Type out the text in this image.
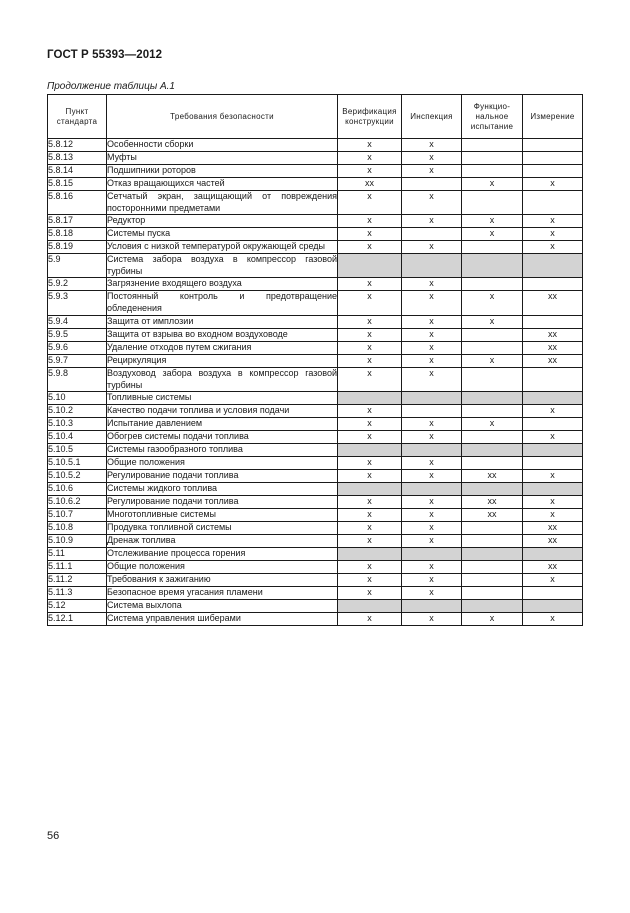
ГОСТ Р 55393—2012
Продолжение таблицы А.1
Пункт стандарта	Требования безопасности	Верификация конструкции	Инспекция	Функцио-нальное испытание	Измерение
5.8.12	Особенности сборки	x	x		
5.8.13	Муфты	x	x		
5.8.14	Подшипники роторов	x	x		
5.8.15	Отказ вращающихся частей	xx		x	x
5.8.16	Сетчатый экран, защищающий от повреждения посторонними предметами	x	x		
5.8.17	Редуктор	x	x	x	x
5.8.18	Системы пуска	x		x	x
5.8.19	Условия с низкой температурой окружающей среды	x	x		x
5.9	Система забора воздуха в компрессор газовой турбины				
5.9.2	Загрязнение входящего воздуха	x	x		
5.9.3	Постоянный контроль и предотвращение обледенения	x	x	x	xx
5.9.4	Защита от имплозии	x	x	x	
5.9.5	Защита от взрыва во входном воздуховоде	x	x		xx
5.9.6	Удаление отходов путем сжигания	x	x		xx
5.9.7	Рециркуляция	x	x	x	xx
5.9.8	Воздуховод забора воздуха в компрессор газовой турбины	x	x		
5.10	Топливные системы				
5.10.2	Качество подачи топлива и условия подачи	x			x
5.10.3	Испытание давлением	x	x	x	
5.10.4	Обогрев системы подачи топлива	x	x		x
5.10.5	Системы газообразного топлива				
5.10.5.1	Общие положения	x	x		
5.10.5.2	Регулирование подачи топлива	x	x	xx	x
5.10.6	Системы жидкого топлива				
5.10.6.2	Регулирование подачи топлива	x	x	xx	x
5.10.7	Многотопливные системы	x	x	xx	x
5.10.8	Продувка топливной системы	x	x		xx
5.10.9	Дренаж топлива	x	x		xx
5.11	Отслеживание процесса горения				
5.11.1	Общие положения	x	x		xx
5.11.2	Требования к зажиганию	x	x		x
5.11.3	Безопасное время угасания пламени	x	x		
5.12	Система выхлопа				
5.12.1	Система управления шиберами	x	x	x	x
56
